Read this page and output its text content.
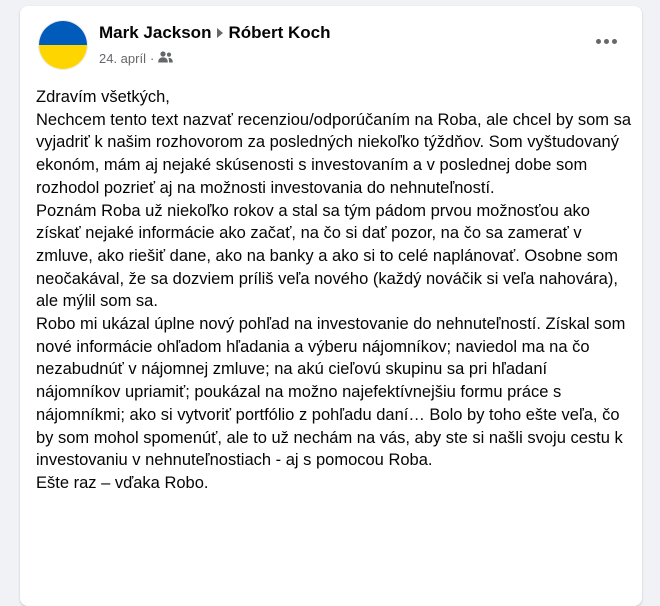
Mark Jackson Róbert Koch
24. apríl ·

Zdravím všetkých,

Nechcem tento text nazvať recenziou/odporúčaním na Roba, ale chcel by som sa vyjadriť k našim rozhovorom za posledných niekoľko týždňov. Som vyštudovaný ekonóm, mám aj nejaké skúsenosti s investovaním a v poslednej dobe som rozhodol pozrieť aj na možnosti investovania do nehnuteľností.

Poznám Roba už niekoľko rokov a stal sa tým pádom prvou možnosťou ako získať nejaké informácie ako začať, na čo si dať pozor, na čo sa zamerať v zmluve, ako riešiť dane, ako na banky a ako si to celé naplánovať. Osobne som neočakával, že sa dozviem príliš veľa nového (každý nováčik si veľa nahovára), ale mýlil som sa.

Robo mi ukázal úplne nový pohľad na investovanie do nehnuteľností. Získal som nové informácie ohľadom hľadania a výberu nájomníkov; naviedol ma na čo nezabudnúť v nájomnej zmluve; na akú cieľovú skupinu sa pri hľadaní nájomníkov upriamiť; poukázal na možno najefektívnejšiu formu práce s nájomníkmi; ako si vytvoriť portfólio z pohľadu daní… Bolo by toho ešte veľa, čo by som mohol spomenúť, ale to už nechám na vás, aby ste si našli svoju cestu k investovaniu v nehnuteľnostiach - aj s pomocou Roba.

Ešte raz – vďaka Robo.
